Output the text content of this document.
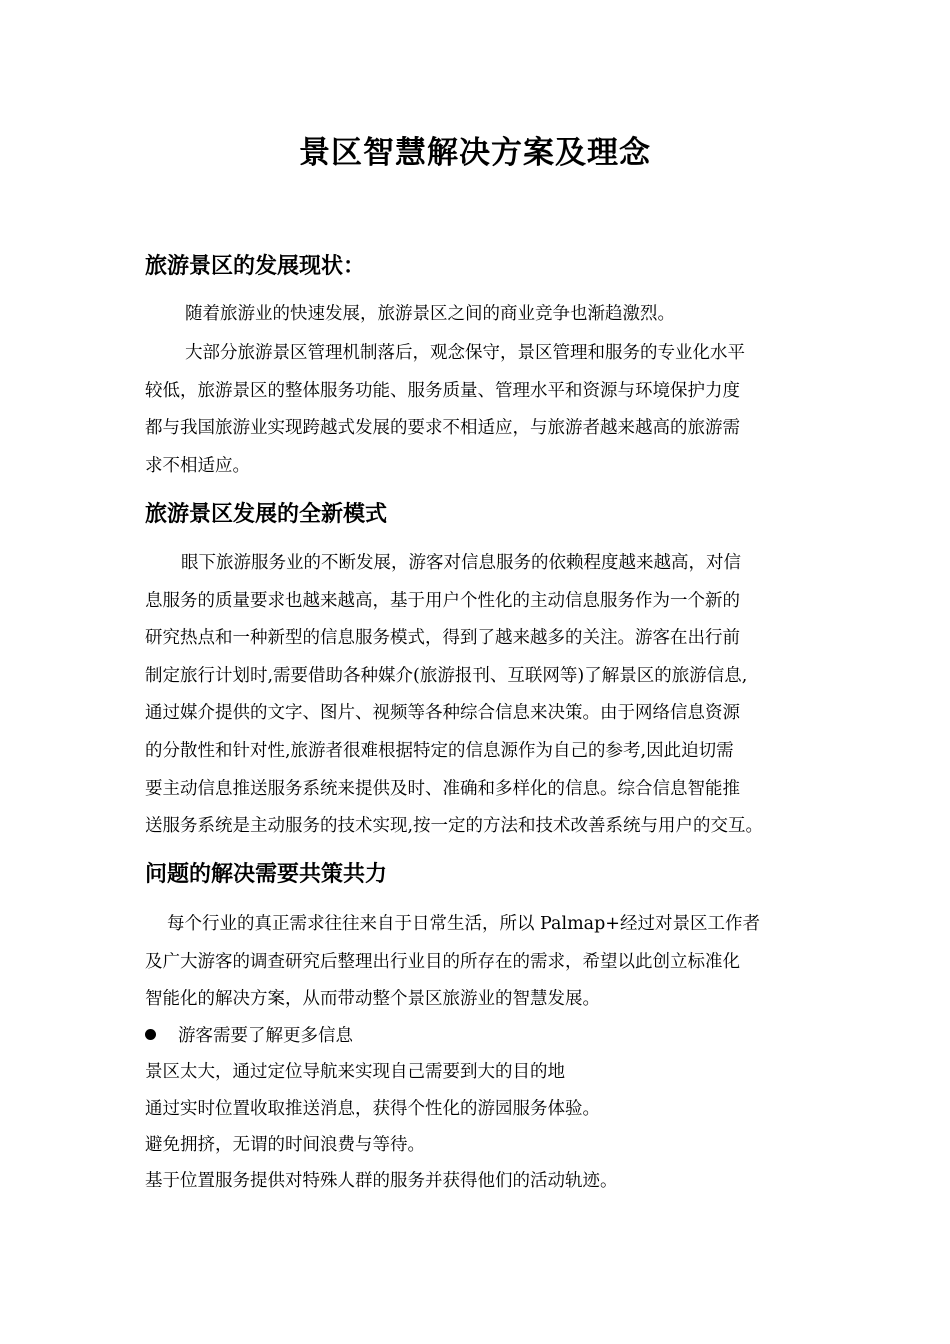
景区智慧解决方案及理念
旅游景区的发展现状：
随着旅游业的快速发展，旅游景区之间的商业竞争也渐趋激烈。
大部分旅游景区管理机制落后，观念保守，景区管理和服务的专业化水平
较低，旅游景区的整体服务功能、服务质量、管理水平和资源与环境保护力度
都与我国旅游业实现跨越式发展的要求不相适应，与旅游者越来越高的旅游需
求不相适应。
旅游景区发展的全新模式
眼下旅游服务业的不断发展，游客对信息服务的依赖程度越来越高，对信
息服务的质量要求也越来越高，基于用户个性化的主动信息服务作为一个新的
研究热点和一种新型的信息服务模式，得到了越来越多的关注。游客在出行前
制定旅行计划时,需要借助各种媒介(旅游报刊、互联网等)了解景区的旅游信息,
通过媒介提供的文字、图片、视频等各种综合信息来决策。由于网络信息资源
的分散性和针对性,旅游者很难根据特定的信息源作为自己的参考,因此迫切需
要主动信息推送服务系统来提供及时、准确和多样化的信息。综合信息智能推
送服务系统是主动服务的技术实现,按一定的方法和技术改善系统与用户的交互。
问题的解决需要共策共力
每个行业的真正需求往往来自于日常生活，所以 Palmap+经过对景区工作者
及广大游客的调查研究后整理出行业目的所存在的需求，希望以此创立标准化
智能化的解决方案，从而带动整个景区旅游业的智慧发展。
游客需要了解更多信息
景区太大，通过定位导航来实现自己需要到大的目的地
通过实时位置收取推送消息，获得个性化的游园服务体验。
避免拥挤，无谓的时间浪费与等待。
基于位置服务提供对特殊人群的服务并获得他们的活动轨迹。
